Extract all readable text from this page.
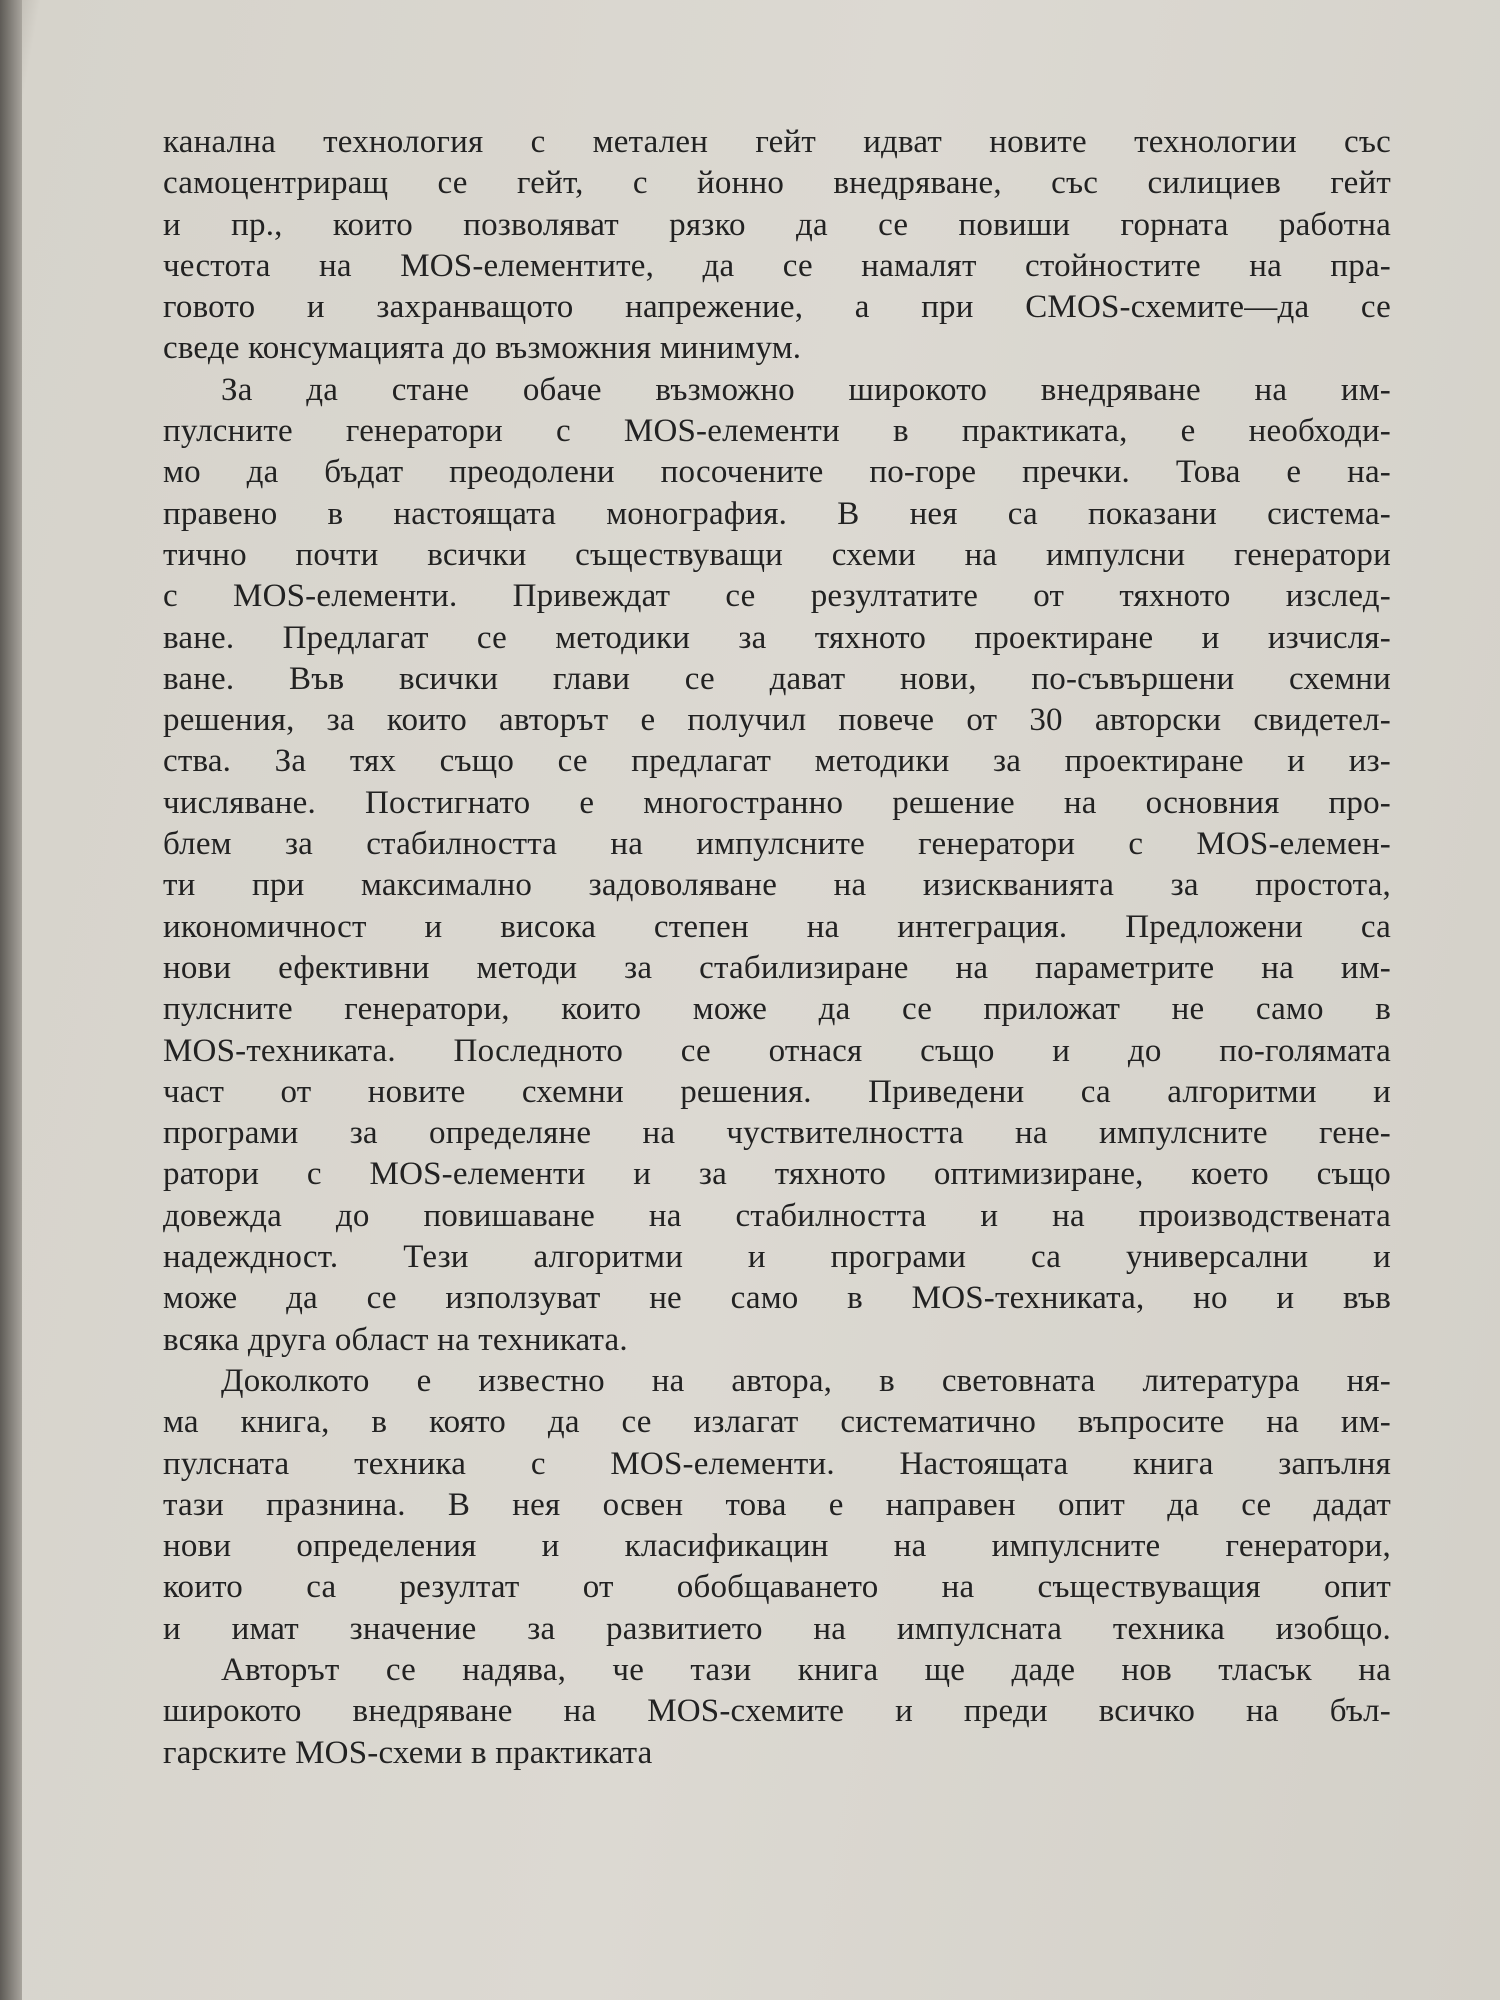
канална технология с метален гейт идват новите технологии със
самоцентриращ се гейт, с йонно внедряване, със силициев гейт
и пр., които позволяват рязко да се повиши горната работна
честота на MOS-елементите, да се намалят стойностите на пра-
говото и захранващото напрежение, а при CMOS-схемите—да се
сведе консумацията до възможния минимум.
За да стане обаче възможно широкото внедряване на им-
пулсните генератори с MOS-елементи в практиката, е необходи-
мо да бъдат преодолени посочените по-горе пречки. Това е на-
правено в настоящата монография. В нея са показани система-
тично почти всички съществуващи схеми на импулсни генератори
с MOS-елементи. Привеждат се резултатите от тяхното изслед-
ване. Предлагат се методики за тяхното проектиране и изчисля-
ване. Във всички глави се дават нови, по-съвършени схемни
решения, за които авторът е получил повече от 30 авторски свидетел-
ства. За тях също се предлагат методики за проектиране и из-
числяване. Постигнато е многостранно решение на основния про-
блем за стабилността на импулсните генератори с MOS-елемен-
ти при максимално задоволяване на изискванията за простота,
икономичност и висока степен на интеграция. Предложени са
нови ефективни методи за стабилизиране на параметрите на им-
пулсните генератори, които може да се приложат не само в
MOS-техниката. Последното се отнася също и до по-голямата
част от новите схемни решения. Приведени са алгоритми и
програми за определяне на чуствителността на импулсните гене-
ратори с MOS-елементи и за тяхното оптимизиране, което също
довежда до повишаване на стабилността и на производствената
надеждност. Тези алгоритми и програми са универсални и
може да се използуват не само в MOS-техниката, но и във
всяка друга област на техниката.
Доколкото е известно на автора, в световната литература ня-
ма книга, в която да се излагат систематично въпросите на им-
пулсната техника с MOS-елементи. Настоящата книга запълня
тази празнина. В нея освен това е направен опит да се дадат
нови определения и класификацин на импулсните генератори,
които са резултат от обобщаването на съществуващия опит
и имат значение за развитието на импулсната техника изобщо.
Авторът се надява, че тази книга ще даде нов тласък на
широкото внедряване на MOS-схемите и преди всичко на бъл-
гарските MOS-схеми в практиката
